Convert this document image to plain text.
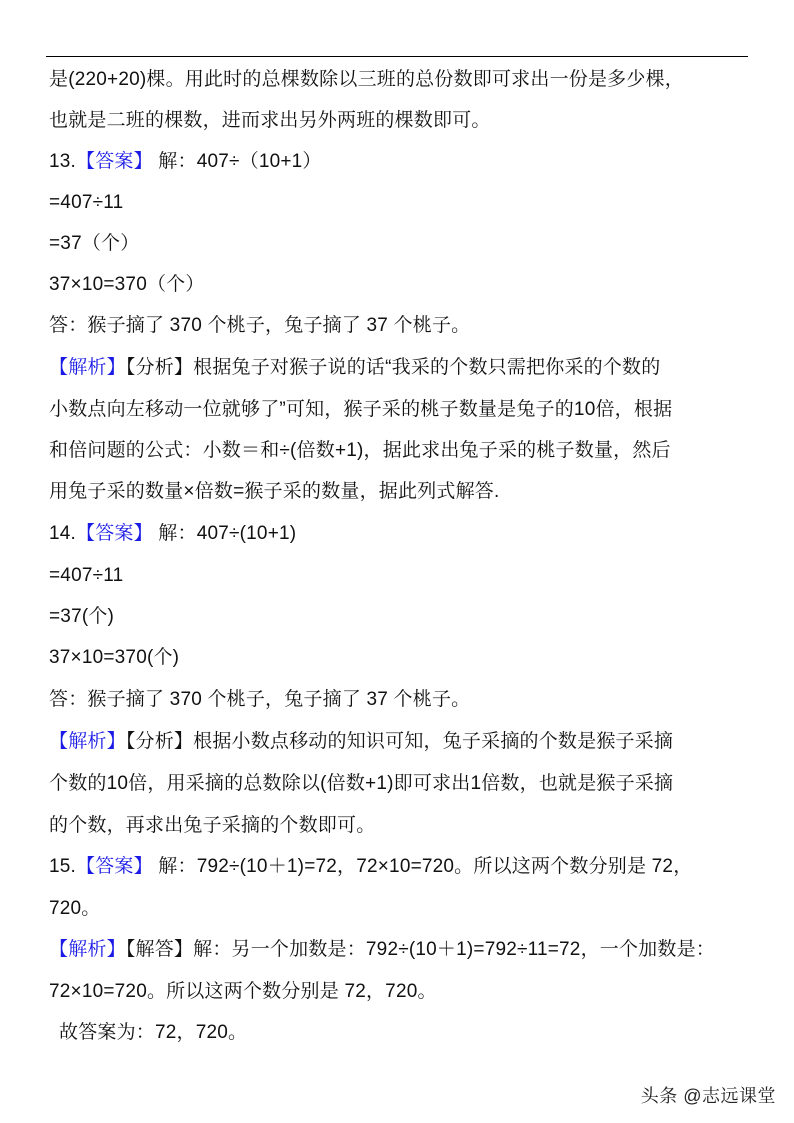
是(220+20)棵。用此时的总棵数除以三班的总份数即可求出一份是多少棵，
也就是二班的棵数，进而求出另外两班的棵数即可。
13.【答案】 解：407÷（10+1）
=407÷11
=37（个）
37×10=370（个）
答：猴子摘了 370 个桃子，兔子摘了 37 个桃子。
【解析】【分析】根据兔子对猴子说的话“我采的个数只需把你采的个数的
小数点向左移动一位就够了”可知，猴子采的桃子数量是兔子的10倍，根据
和倍问题的公式：小数＝和÷(倍数+1)，据此求出兔子采的桃子数量，然后
用兔子采的数量×倍数=猴子采的数量，据此列式解答.
14.【答案】 解：407÷(10+1)
=407÷11
=37(个)
37×10=370(个)
答：猴子摘了 370 个桃子，兔子摘了 37 个桃子。
【解析】【分析】根据小数点移动的知识可知，兔子采摘的个数是猴子采摘
个数的10倍，用采摘的总数除以(倍数+1)即可求出1倍数，也就是猴子采摘
的个数，再求出兔子采摘的个数即可。
15.【答案】 解：792÷(10＋1)=72，72×10=720。所以这两个数分别是 72，
720。
【解析】【解答】解：另一个加数是：792÷(10＋1)=792÷11=72，一个加数是：
72×10=720。所以这两个数分别是 72，720。
故答案为：72，720。
头条 @志远课堂
